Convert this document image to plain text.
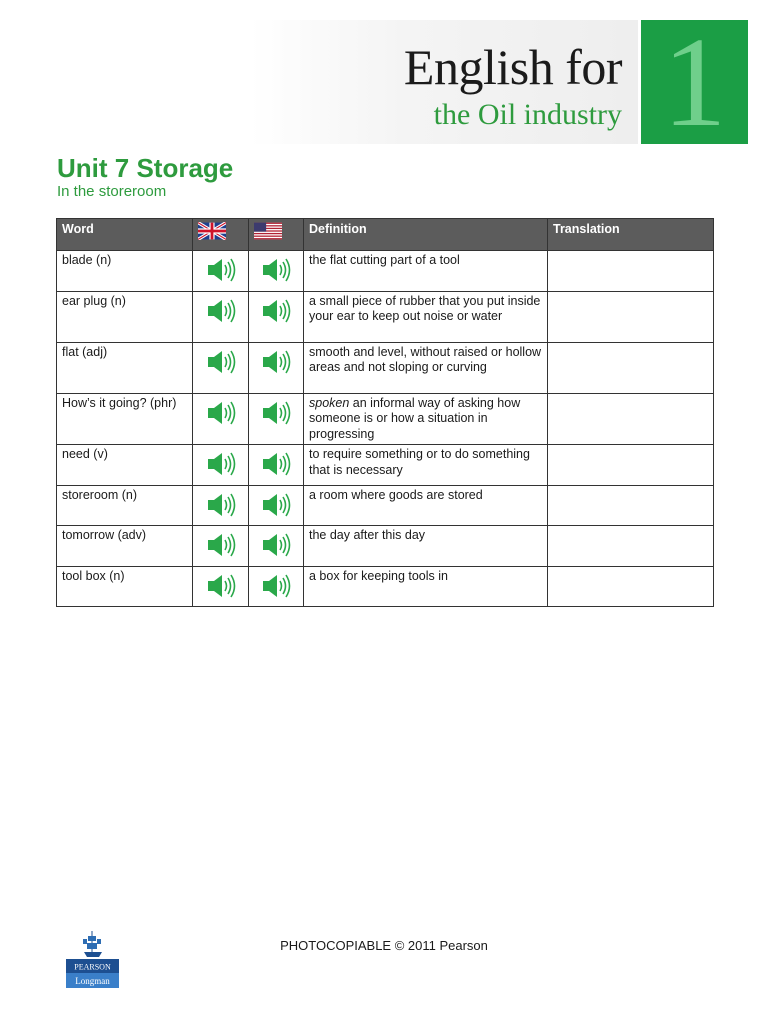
English for
the Oil industry 1
Unit 7 Storage

In the storeroom

Word			Definition	Translation
blade (n)			the flat cutting part of a tool	
ear plug (n)			a small piece of rubber that you put inside your ear to keep out noise or water	
flat (adj)			smooth and level, without raised or hollow areas and not sloping or curving	
How’s it going? (phr)			spoken an informal way of asking how someone is or how a situation in progressing	
need (v)			to require something or to do something that is necessary	
storeroom (n)			a room where goods are stored	
tomorrow (adv)			the day after this day	
tool box (n)			a box for keeping tools in	
PEARSON
Longman

PHOTOCOPIABLE © 2011 Pearson
